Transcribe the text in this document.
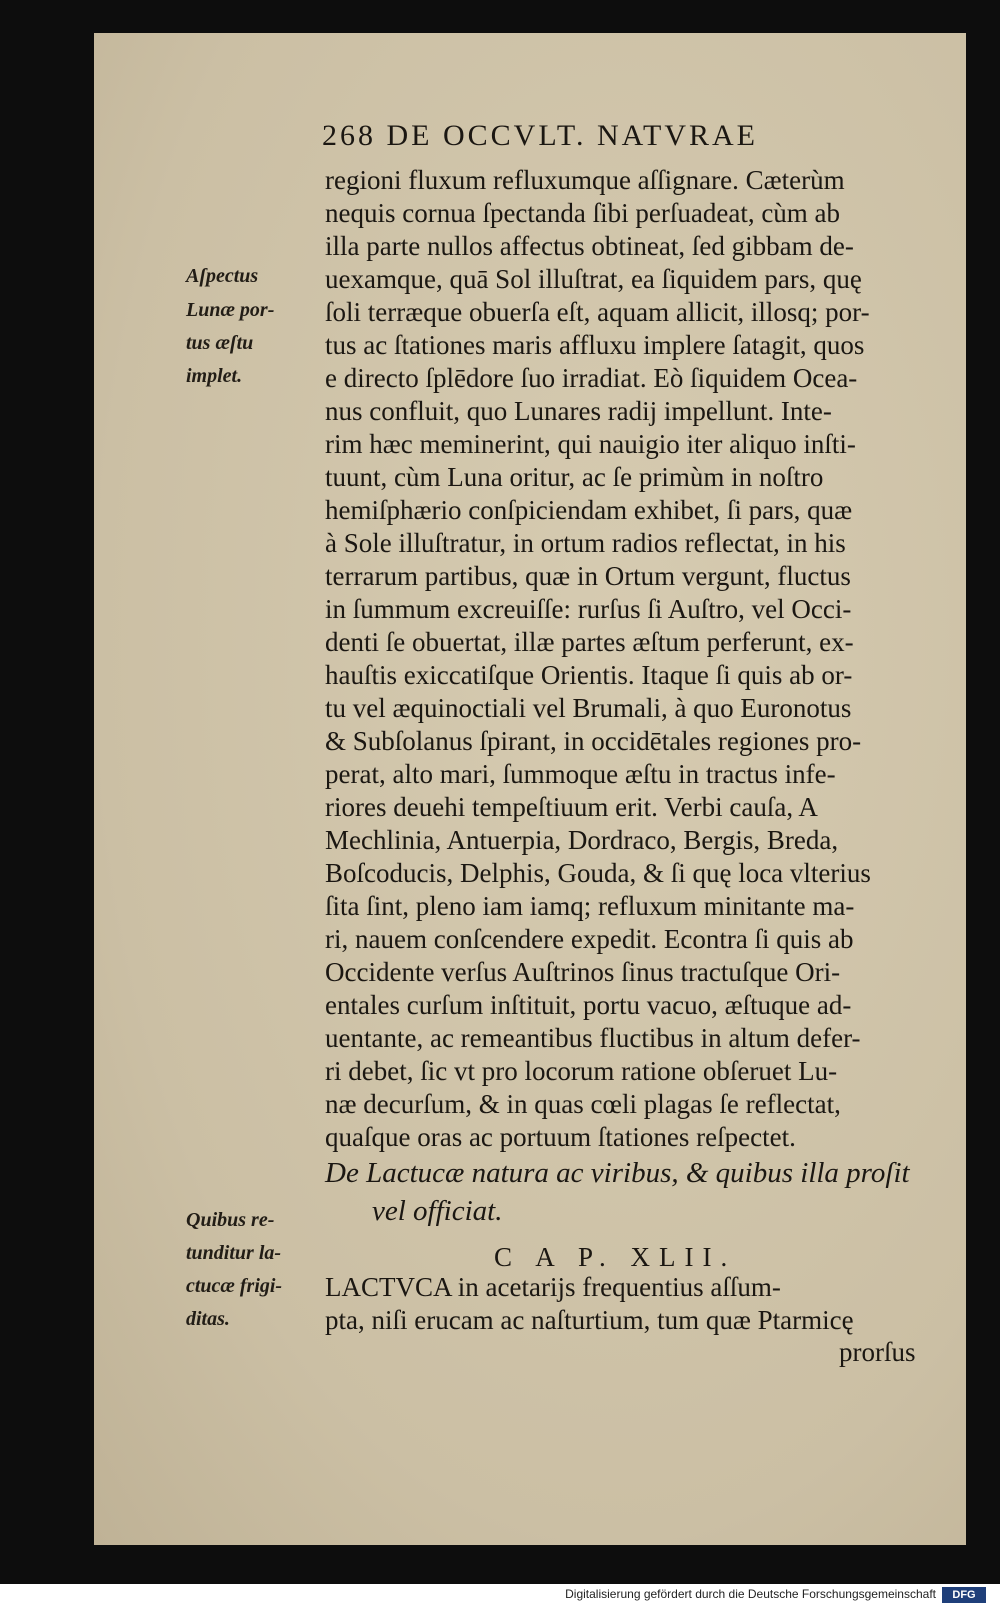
268 DE OCCVLT. NATVRAE

regioni fluxum refluxumque aſſignare. Cæterùm

nequis cornua ſpectanda ſibi perſuadeat, cùm ab

illa parte nullos affectus obtineat, ſed gibbam de-

uexamque, quā Sol illuſtrat, ea ſiquidem pars, quę

ſoli terræque obuerſa eſt, aquam allicit, illosq; por-

tus ac ſtationes maris affluxu implere ſatagit, quos

e directo ſplēdore ſuo irradiat. Eò ſiquidem Ocea-

nus confluit, quo Lunares radij impellunt. Inte-

rim hæc meminerint, qui nauigio iter aliquo inſti-

tuunt, cùm Luna oritur, ac ſe primùm in noſtro

hemiſphærio conſpiciendam exhibet, ſi pars, quæ

à Sole illuſtratur, in ortum radios reflectat, in his

terrarum partibus, quæ in Ortum vergunt, fluctus

in ſummum excreuiſſe: rurſus ſi Auſtro, vel Occi-

denti ſe obuertat, illæ partes æſtum perferunt, ex-

hauſtis exiccatiſque Orientis. Itaque ſi quis ab or-

tu vel æquinoctiali vel Brumali, à quo Euronotus

& Subſolanus ſpirant, in occidētales regiones pro-

perat, alto mari, ſummoque æſtu in tractus infe-

riores deuehi tempeſtiuum erit. Verbi cauſa, A

Mechlinia, Antuerpia, Dordraco, Bergis, Breda,

Boſcoducis, Delphis, Gouda, & ſi quę loca vlterius

ſita ſint, pleno iam iamq; refluxum minitante ma-

ri, nauem conſcendere expedit. Econtra ſi quis ab

Occidente verſus Auſtrinos ſinus tractuſque Ori-

entales curſum inſtituit, portu vacuo, æſtuque ad-

uentante, ac remeantibus fluctibus in altum defer-

ri debet, ſic vt pro locorum ratione obſeruet Lu-

næ decurſum, & in quas cœli plagas ſe reflectat,

quaſque oras ac portuum ſtationes reſpectet.

De Lactucæ natura ac viribus, & quibus illa proſit

vel officiat.

C A P. XLII.

LACTVCA in acetarijs frequentius aſſum-

pta, niſi erucam ac naſturtium, tum quæ Ptarmicę

prorſus

Aſpectus

Lunæ por-

tus æſtu

implet.

Quibus re-

tunditur la-

ctucæ frigi-

ditas.

Digitalisierung gefördert durch die Deutsche Forschungsgemeinschaft	DFG
